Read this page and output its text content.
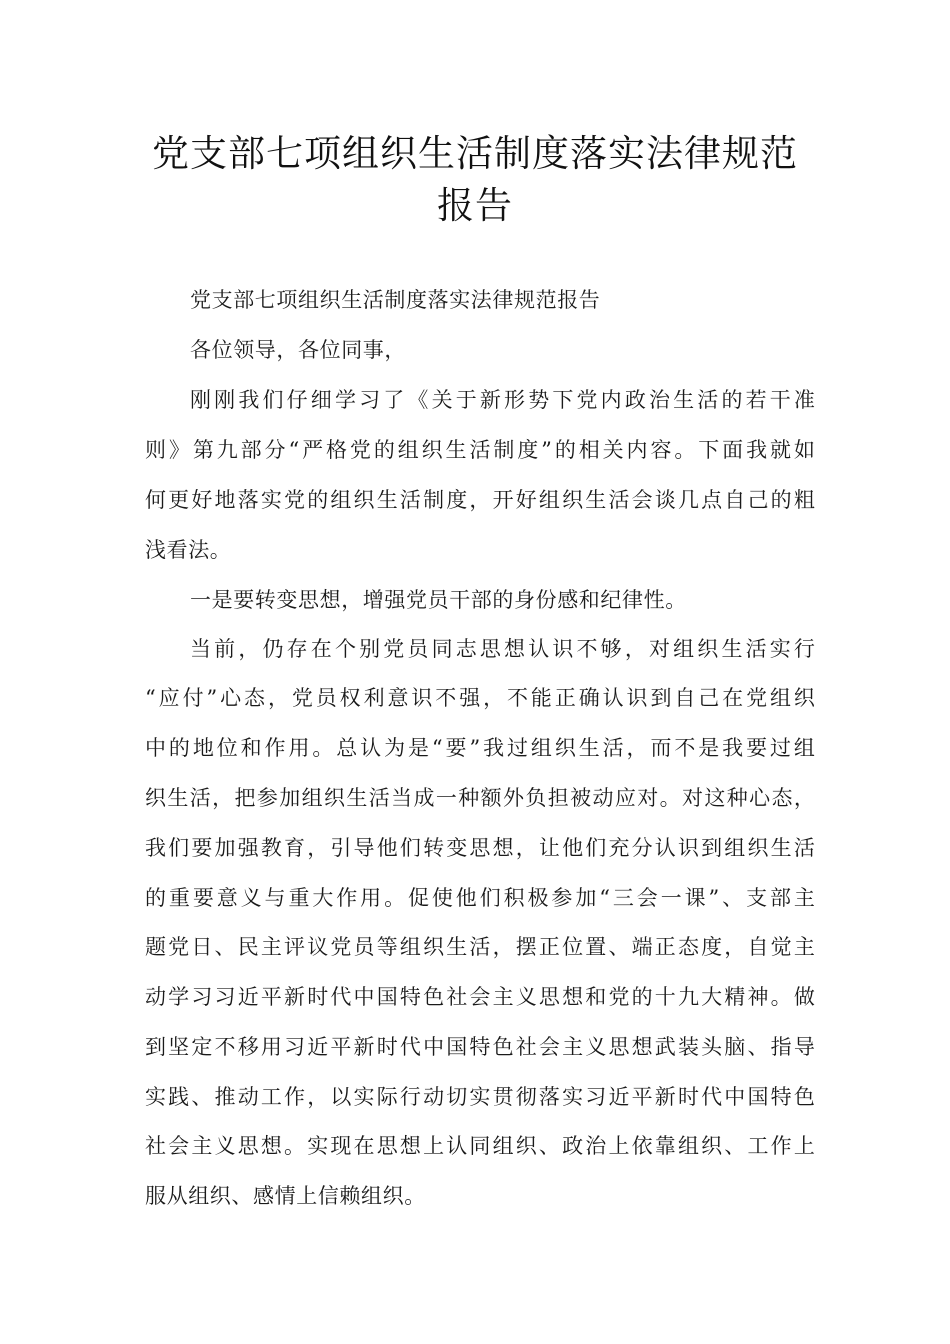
党支部七项组织生活制度落实法律规范
报告
党支部七项组织生活制度落实法律规范报告
各位领导，各位同事，
刚 刚 我 们 仔 细 学 习 了 《 关 于 新 形 势 下 党 内 政 治 生 活 的 若 干 准
则 》 第 九 部 分 “ 严 格 党 的 组 织 生 活 制 度 ” 的 相 关 内 容 。 下 面 我 就 如
何 更 好 地 落 实 党 的 组 织 生 活 制 度 ， 开 好 组 织 生 活 会 谈 几 点 自 己 的 粗
浅看法。
一是要转变思想，增强党员干部的身份感和纪律性。
当 前 ， 仍 存 在 个 别 党 员 同 志 思 想 认 识 不 够 ， 对 组 织 生 活 实 行
“ 应 付 ” 心 态 ， 党 员 权 利 意 识 不 强 ， 不 能 正 确 认 识 到 自 己 在 党 组 织
中 的 地 位 和 作 用 。 总 认 为 是 “ 要 ” 我 过 组 织 生 活 ， 而 不 是 我 要 过 组
织 生 活 ， 把 参 加 组 织 生 活 当 成 一 种 额 外 负 担 被 动 应 对 。 对 这 种 心 态 ，
我 们 要 加 强 教 育 ， 引 导 他 们 转 变 思 想 ， 让 他 们 充 分 认 识 到 组 织 生 活
的 重 要 意 义 与 重 大 作 用 。 促 使 他 们 积 极 参 加 “ 三 会 一 课 ” 、 支 部 主
题 党 日 、 民 主 评 议 党 员 等 组 织 生 活 ， 摆 正 位 置 、 端 正 态 度 ， 自 觉 主
动 学 习 习 近 平 新 时 代 中 国 特 色 社 会 主 义 思 想 和 党 的 十 九 大 精 神 。 做
到 坚 定 不 移 用 习 近 平 新 时 代 中 国 特 色 社 会 主 义 思 想 武 装 头 脑 、 指 导
实 践 、 推 动 工 作 ， 以 实 际 行 动 切 实 贯 彻 落 实 习 近 平 新 时 代 中 国 特 色
社 会 主 义 思 想 。 实 现 在 思 想 上 认 同 组 织 、 政 治 上 依 靠 组 织 、 工 作 上
服从组织、感情上信赖组织。
